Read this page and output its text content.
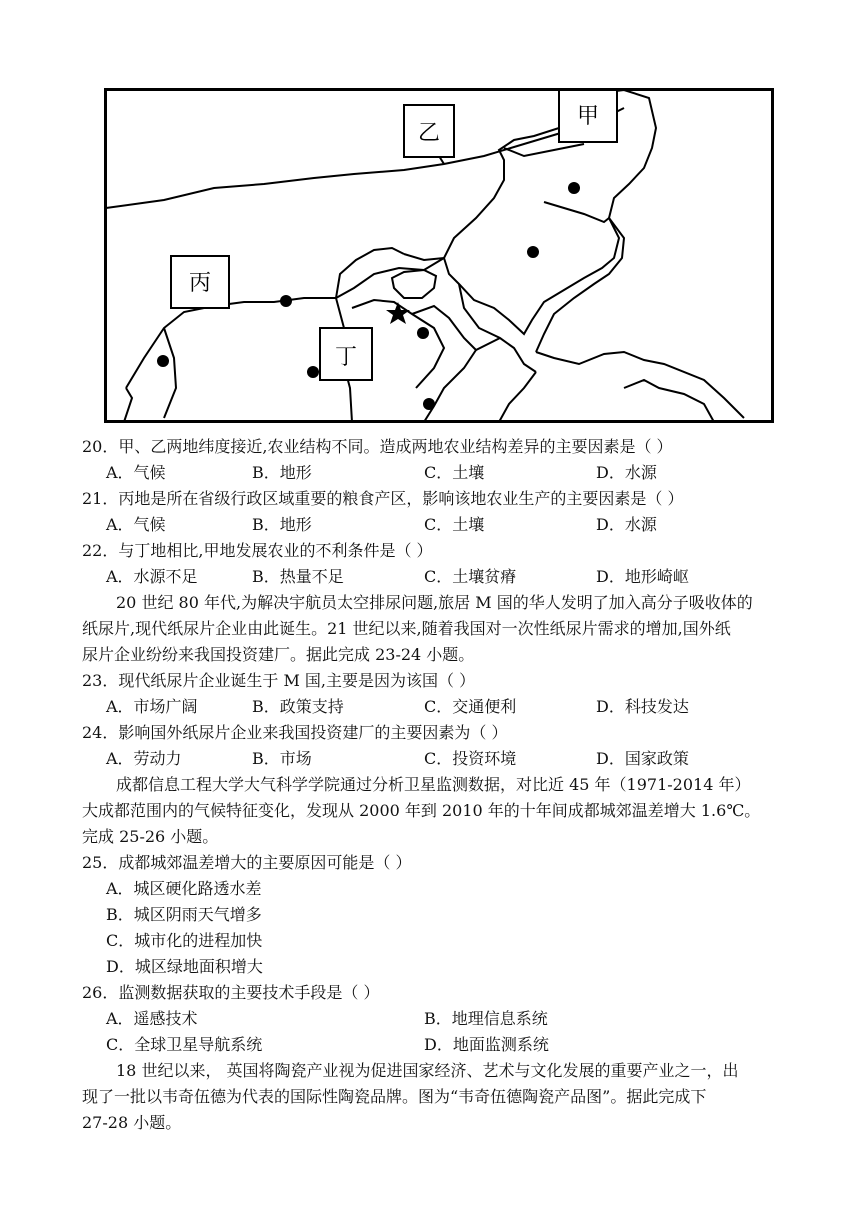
甲
乙
丙
丁
20．甲、乙两地纬度接近,农业结构不同。造成两地农业结构差异的主要因素是（ ）
A．气候	B．地形	C．土壤	D．水源
21．丙地是所在省级行政区域重要的粮食产区，影响该地农业生产的主要因素是（ ）
A．气候	B．地形	C．土壤	D．水源
22．与丁地相比,甲地发展农业的不利条件是（ ）
A．水源不足	B．热量不足	C．土壤贫瘠	D．地形崎岖
20 世纪 80 年代,为解决宇航员太空排尿问题,旅居 M 国的华人发明了加入高分子吸收体的
纸尿片,现代纸尿片企业由此诞生。21 世纪以来,随着我国对一次性纸尿片需求的增加,国外纸
尿片企业纷纷来我国投资建厂。据此完成 23-24 小题。
23．现代纸尿片企业诞生于 M 国,主要是因为该国（ ）
A．市场广阔	B．政策支持	C．交通便利	D．科技发达
24．影响国外纸尿片企业来我国投资建厂的主要因素为（ ）
A．劳动力	B．市场	C．投资环境	D．国家政策
成都信息工程大学大气科学学院通过分析卫星监测数据，对比近 45 年（1971-2014 年）
大成都范围内的气候特征变化，发现从 2000 年到 2010 年的十年间成都城郊温差增大 1.6℃。
完成 25-26 小题。
25．成都城郊温差增大的主要原因可能是（ ）
A．城区硬化路透水差
B．城区阴雨天气增多
C．城市化的进程加快
D．城区绿地面积增大
26．监测数据获取的主要技术手段是（ ）
A．遥感技术	B．地理信息系统
C．全球卫星导航系统	D．地面监测系统
18 世纪以来， 英国将陶瓷产业视为促进国家经济、艺术与文化发展的重要产业之一，出
现了一批以韦奇伍德为代表的国际性陶瓷品牌。图为“韦奇伍德陶瓷产品图”。据此完成下
27-28 小题。
